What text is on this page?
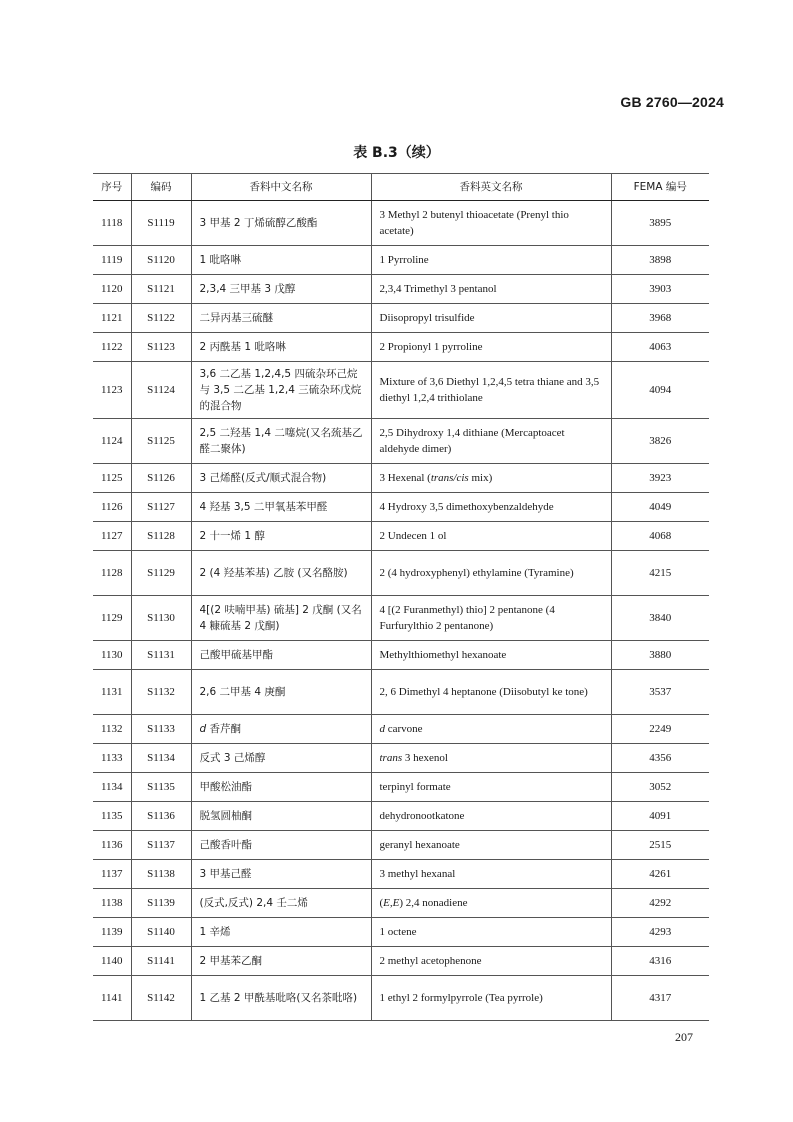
GB 2760—2024
表 B.3（续）
序号	编码	香料中文名称	香料英文名称	FEMA 编号
1118	S1119	3 甲基 2 丁烯硫醇乙酸酯	3 Methyl 2 butenyl thioacetate (Prenyl thio acetate)	3895
1119	S1120	1 吡咯啉	1 Pyrroline	3898
1120	S1121	2,3,4 三甲基 3 戊醇	2,3,4 Trimethyl 3 pentanol	3903
1121	S1122	二异丙基三硫醚	Diisopropyl trisulfide	3968
1122	S1123	2 丙酰基 1 吡咯啉	2 Propionyl 1 pyrroline	4063
1123	S1124	3,6 二乙基 1,2,4,5 四硫杂环己烷与 3,5 二乙基 1,2,4 三硫杂环戊烷的混合物	Mixture of 3,6 Diethyl 1,2,4,5 tetra thiane and 3,5 diethyl 1,2,4 trithiolane	4094
1124	S1125	2,5 二羟基 1,4 二噻烷(又名巯基乙醛二聚体)	2,5 Dihydroxy 1,4 dithiane (Mercaptoacet aldehyde dimer)	3826
1125	S1126	3 己烯醛(反式/顺式混合物)	3 Hexenal (trans/cis mix)	3923
1126	S1127	4 羟基 3,5 二甲氧基苯甲醛	4 Hydroxy 3,5 dimethoxybenzaldehyde	4049
1127	S1128	2 十一烯 1 醇	2 Undecen 1 ol	4068
1128	S1129	2 (4 羟基苯基) 乙胺 (又名酪胺)	2 (4 hydroxyphenyl) ethylamine (Tyramine)	4215
1129	S1130	4[(2 呋喃甲基) 硫基] 2 戊酮 (又名 4 糠硫基 2 戊酮)	4 [(2 Furanmethyl) thio] 2 pentanone (4 Furfurylthio 2 pentanone)	3840
1130	S1131	己酸甲硫基甲酯	Methylthiomethyl hexanoate	3880
1131	S1132	2,6 二甲基 4 庚酮	2, 6 Dimethyl 4 heptanone (Diisobutyl ke tone)	3537
1132	S1133	d 香芹酮	d carvone	2249
1133	S1134	反式 3 己烯醇	trans 3 hexenol	4356
1134	S1135	甲酸松油酯	terpinyl formate	3052
1135	S1136	脱氢圆柚酮	dehydronootkatone	4091
1136	S1137	己酸香叶酯	geranyl hexanoate	2515
1137	S1138	3 甲基己醛	3 methyl hexanal	4261
1138	S1139	(反式,反式) 2,4 壬二烯	(E,E) 2,4 nonadiene	4292
1139	S1140	1 辛烯	1 octene	4293
1140	S1141	2 甲基苯乙酮	2 methyl acetophenone	4316
1141	S1142	1 乙基 2 甲酰基吡咯(又名茶吡咯)	1 ethyl 2 formylpyrrole (Tea pyrrole)	4317
207
